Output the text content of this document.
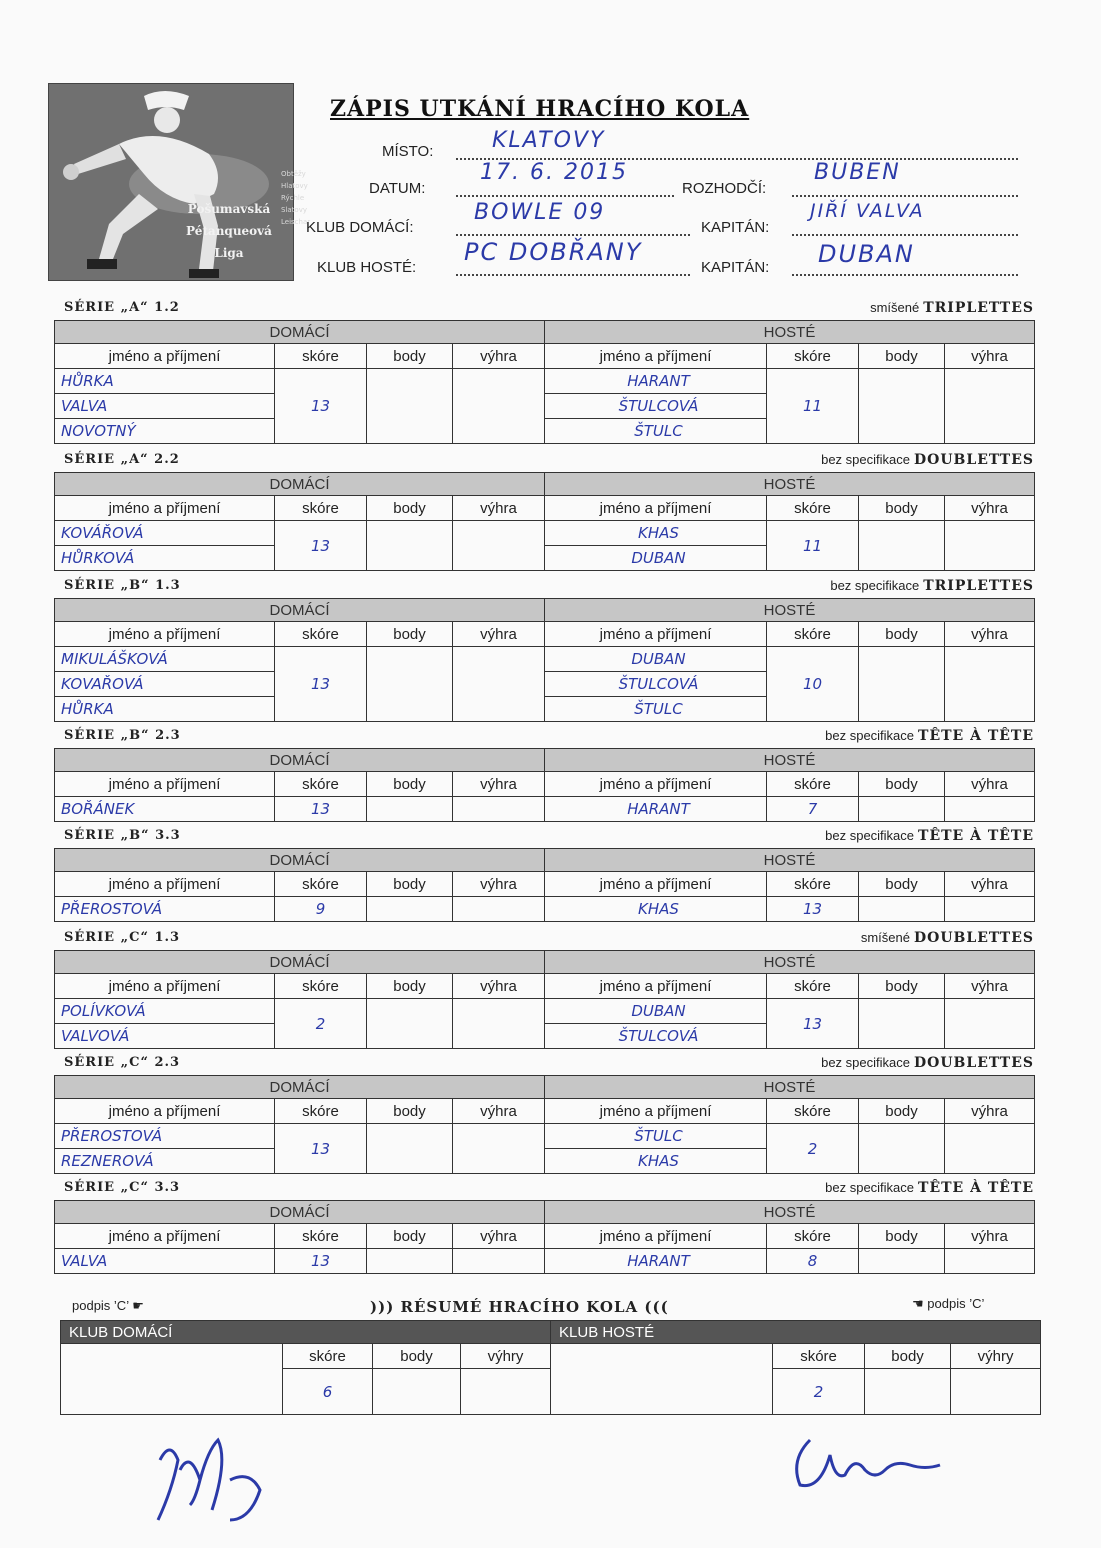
Obtěžy
Hlatovy
Rýchle
Slatovy
Leischar
Pošumavská
Pétanqueová
Liga
ZÁPIS UTKÁNÍ HRACÍHO KOLA
MÍSTO:	KLATOVY
DATUM:
17. 6. 2015
ROZHODČÍ:
BUBEN
KLUB DOMÁCÍ:
BOWLE 09
KAPITÁN:
JIŘÍ VALVA
KLUB HOSTÉ:
PC DOBŘANY
KAPITÁN: DUBAN
SÉRIE „A“ 1.2	smíšené TRIPLETTES
DOMÁCÍ				HOSTÉ			
jméno a příjmení	skóre	body	výhra	jméno a příjmení	skóre	body	výhra
HŮRKA	13			HARANT	11		
VALVA				ŠTULCOVÁ			
NOVOTNÝ				ŠTULC			
SÉRIE „A“ 2.2	bez specifikace DOUBLETTES
DOMÁCÍ				HOSTÉ			
jméno a příjmení	skóre	body	výhra	jméno a příjmení	skóre	body	výhra
KOVÁŘOVÁ	13			KHAS	11		
HŮRKOVÁ				DUBAN			
SÉRIE „B“ 1.3	bez specifikace TRIPLETTES
DOMÁCÍ				HOSTÉ			
jméno a příjmení	skóre	body	výhra	jméno a příjmení	skóre	body	výhra
MIKULÁŠKOVÁ	13			DUBAN	10		
KOVAŘOVÁ				ŠTULCOVÁ			
HŮRKA				ŠTULC			
SÉRIE „B“ 2.3	bez specifikace TÊTE À TÊTE
DOMÁCÍ				HOSTÉ			
jméno a příjmení	skóre	body	výhra	jméno a příjmení	skóre	body	výhra
BOŘÁNEK	13			HARANT	7		
SÉRIE „B“ 3.3	bez specifikace TÊTE À TÊTE
DOMÁCÍ				HOSTÉ			
jméno a příjmení	skóre	body	výhra	jméno a příjmení	skóre	body	výhra
PŘEROSTOVÁ	9			KHAS	13		
SÉRIE „C“ 1.3	smíšené DOUBLETTES
DOMÁCÍ				HOSTÉ			
jméno a příjmení	skóre	body	výhra	jméno a příjmení	skóre	body	výhra
POLÍVKOVÁ	2			DUBAN	13		
VALVOVÁ				ŠTULCOVÁ			
SÉRIE „C“ 2.3	bez specifikace DOUBLETTES
DOMÁCÍ				HOSTÉ			
jméno a příjmení	skóre	body	výhra	jméno a příjmení	skóre	body	výhra
PŘEROSTOVÁ	13			ŠTULC	2		
REZNEROVÁ				KHAS			
SÉRIE „C“ 3.3	bez specifikace TÊTE À TÊTE
DOMÁCÍ				HOSTÉ			
jméno a příjmení	skóre	body	výhra	jméno a příjmení	skóre	body	výhra
VALVA	13			HARANT	8		
podpis ’C’ ☛	))) RÉSUMÉ HRACÍHO KOLA (((	☚ podpis ’C’
KLUB DOMÁCÍ				KLUB HOSTÉ			
	skóre	body	výhry		skóre	body	výhry
	6				2		
